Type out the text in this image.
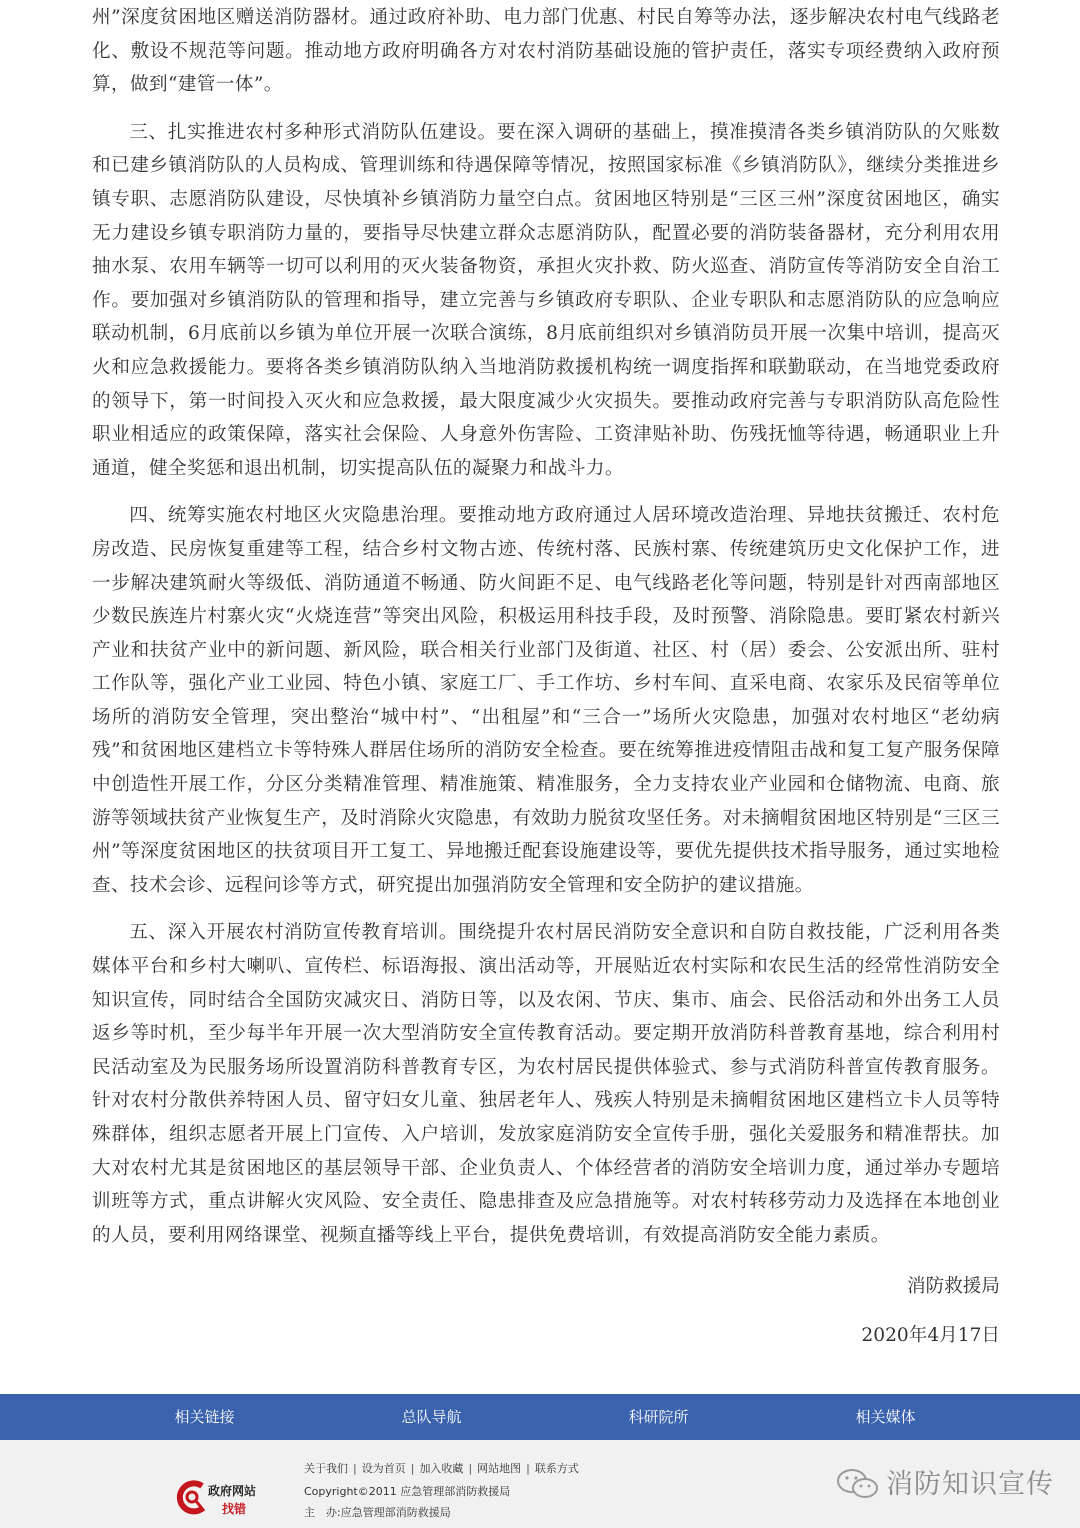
州”深度贫困地区赠送消防器材。通过政府补助、电力部门优惠、村民自筹等办法，逐步解决农村电气线路老化、敷设不规范等问题。推动地方政府明确各方对农村消防基础设施的管护责任，落实专项经费纳入政府预算，做到“建管一体”。

三、扎实推进农村多种形式消防队伍建设。要在深入调研的基础上，摸准摸清各类乡镇消防队的欠账数和已建乡镇消防队的人员构成、管理训练和待遇保障等情况，按照国家标准《乡镇消防队》，继续分类推进乡镇专职、志愿消防队建设，尽快填补乡镇消防力量空白点。贫困地区特别是“三区三州”深度贫困地区，确实无力建设乡镇专职消防力量的，要指导尽快建立群众志愿消防队，配置必要的消防装备器材，充分利用农用抽水泵、农用车辆等一切可以利用的灭火装备物资，承担火灾扑救、防火巡查、消防宣传等消防安全自治工作。要加强对乡镇消防队的管理和指导，建立完善与乡镇政府专职队、企业专职队和志愿消防队的应急响应联动机制，6月底前以乡镇为单位开展一次联合演练，8月底前组织对乡镇消防员开展一次集中培训，提高灭火和应急救援能力。要将各类乡镇消防队纳入当地消防救援机构统一调度指挥和联勤联动，在当地党委政府的领导下，第一时间投入灭火和应急救援，最大限度减少火灾损失。要推动政府完善与专职消防队高危险性职业相适应的政策保障，落实社会保险、人身意外伤害险、工资津贴补助、伤残抚恤等待遇，畅通职业上升通道，健全奖惩和退出机制，切实提高队伍的凝聚力和战斗力。

四、统筹实施农村地区火灾隐患治理。要推动地方政府通过人居环境改造治理、异地扶贫搬迁、农村危房改造、民房恢复重建等工程，结合乡村文物古迹、传统村落、民族村寨、传统建筑历史文化保护工作，进一步解决建筑耐火等级低、消防通道不畅通、防火间距不足、电气线路老化等问题，特别是针对西南部地区少数民族连片村寨火灾“火烧连营”等突出风险，积极运用科技手段，及时预警、消除隐患。要盯紧农村新兴产业和扶贫产业中的新问题、新风险，联合相关行业部门及街道、社区、村（居）委会、公安派出所、驻村工作队等，强化产业工业园、特色小镇、家庭工厂、手工作坊、乡村车间、直采电商、农家乐及民宿等单位场所的消防安全管理，突出整治“城中村”、“出租屋”和“三合一”场所火灾隐患，加强对农村地区“老幼病残”和贫困地区建档立卡等特殊人群居住场所的消防安全检查。要在统筹推进疫情阻击战和复工复产服务保障中创造性开展工作，分区分类精准管理、精准施策、精准服务，全力支持农业产业园和仓储物流、电商、旅游等领域扶贫产业恢复生产，及时消除火灾隐患，有效助力脱贫攻坚任务。对未摘帽贫困地区特别是“三区三州”等深度贫困地区的扶贫项目开工复工、异地搬迁配套设施建设等，要优先提供技术指导服务，通过实地检查、技术会诊、远程问诊等方式，研究提出加强消防安全管理和安全防护的建议措施。

五、深入开展农村消防宣传教育培训。围绕提升农村居民消防安全意识和自防自救技能，广泛利用各类媒体平台和乡村大喇叭、宣传栏、标语海报、演出活动等，开展贴近农村实际和农民生活的经常性消防安全知识宣传，同时结合全国防灾减灾日、消防日等，以及农闲、节庆、集市、庙会、民俗活动和外出务工人员返乡等时机，至少每半年开展一次大型消防安全宣传教育活动。要定期开放消防科普教育基地，综合利用村民活动室及为民服务场所设置消防科普教育专区，为农村居民提供体验式、参与式消防科普宣传教育服务。针对农村分散供养特困人员、留守妇女儿童、独居老年人、残疾人特别是未摘帽贫困地区建档立卡人员等特殊群体，组织志愿者开展上门宣传、入户培训，发放家庭消防安全宣传手册，强化关爱服务和精准帮扶。加大对农村尤其是贫困地区的基层领导干部、企业负责人、个体经营者的消防安全培训力度，通过举办专题培训班等方式，重点讲解火灾风险、安全责任、隐患排查及应急措施等。对农村转移劳动力及选择在本地创业的人员，要利用网络课堂、视频直播等线上平台，提供免费培训，有效提高消防安全能力素质。

消防救援局
2020年4月17日
相关链接	总队导航	科研院所	相关媒体
政府网站
找错
关于我们 | 设为首页 | 加入收藏 | 网站地图 | 联系方式
Copyright©2011 应急管理部消防救援局
主　办:应急管理部消防救援局
消防知识宣传
